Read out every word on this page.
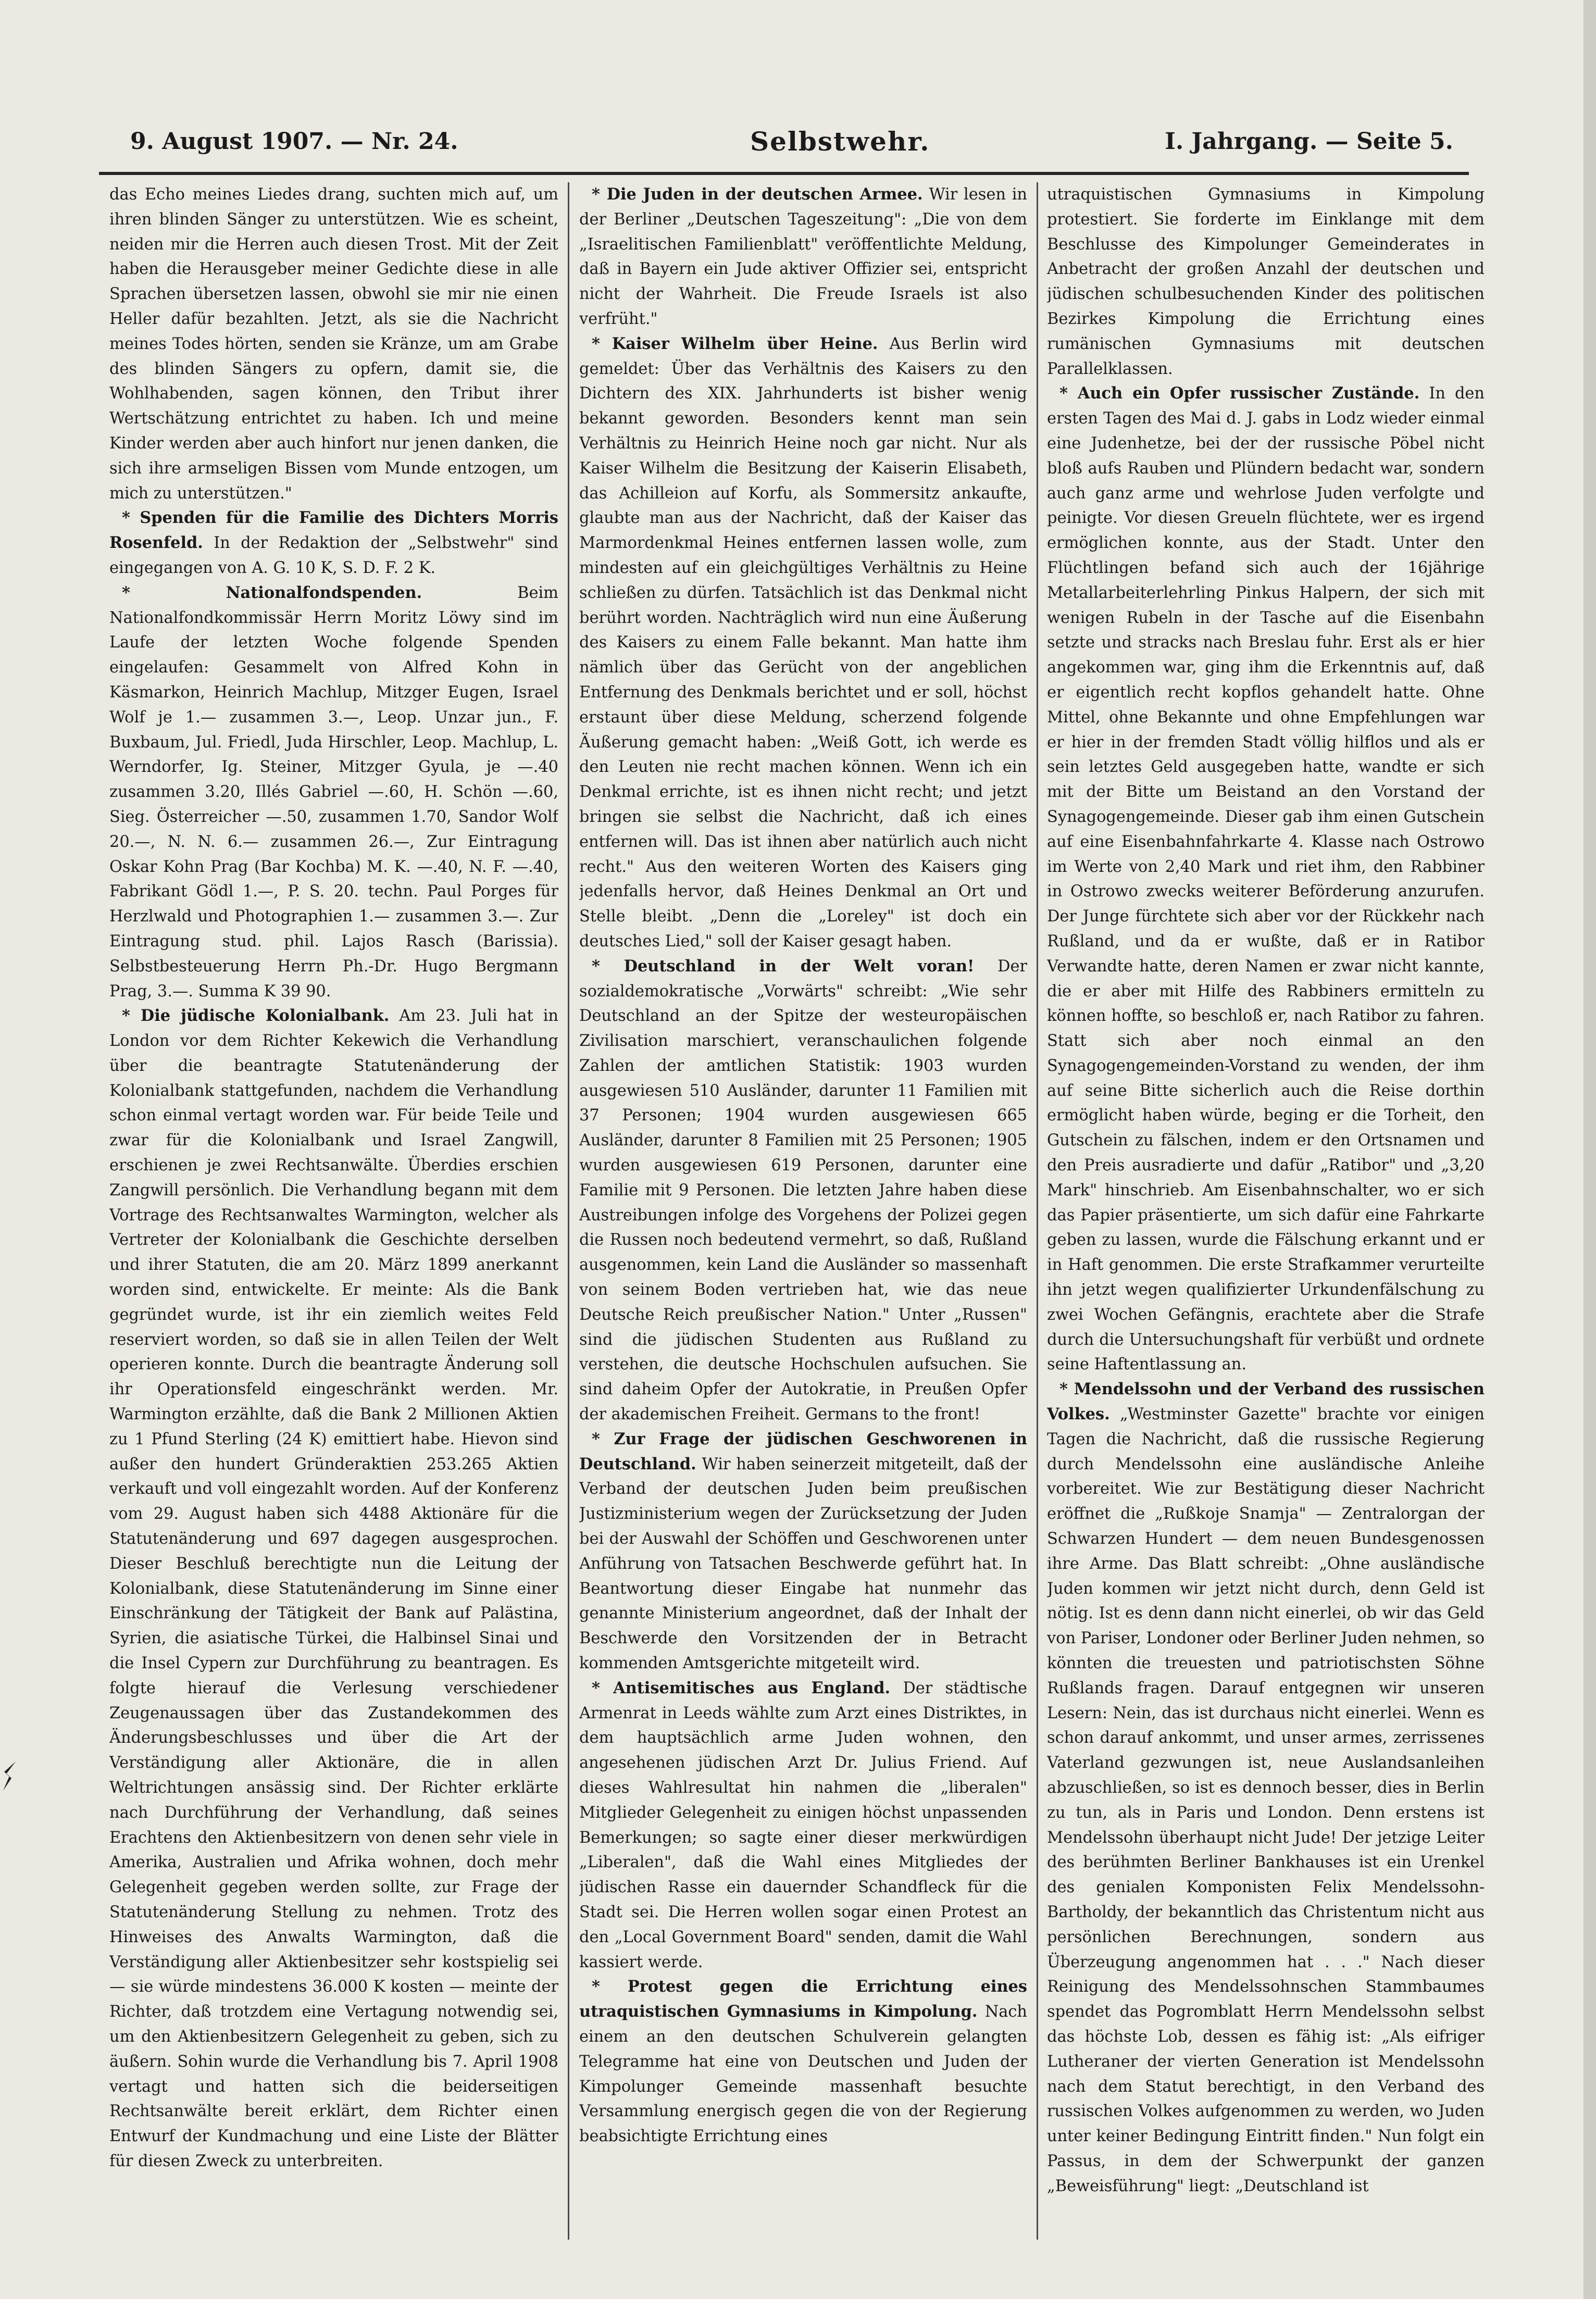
9. August 1907. — Nr. 24.	Selbstwehr.	I. Jahrgang. — Seite 5.

das Echo meines Liedes drang, suchten mich auf, um ihren blinden Sänger zu unterstützen. Wie es scheint, neiden mir die Herren auch diesen Trost. Mit der Zeit haben die Herausgeber meiner Gedichte diese in alle Sprachen übersetzen lassen, obwohl sie mir nie einen Heller dafür bezahlten. Jetzt, als sie die Nachricht meines Todes hörten, senden sie Kränze, um am Grabe des blinden Sängers zu opfern, damit sie, die Wohlhabenden, sagen können, den Tribut ihrer Wertschätzung entrichtet zu haben. Ich und meine Kinder werden aber auch hinfort nur jenen danken, die sich ihre armseligen Bissen vom Munde entzogen, um mich zu unterstützen."

* Spenden für die Familie des Dichters Morris Rosenfeld. In der Redaktion der „Selbstwehr" sind eingegangen von A. G. 10 K, S. D. F. 2 K.

* Nationalfondspenden. Beim Nationalfondkommissär Herrn Moritz Löwy sind im Laufe der letzten Woche folgende Spenden eingelaufen: Gesammelt von Alfred Kohn in Käsmarkon, Heinrich Machlup, Mitzger Eugen, Israel Wolf je 1.— zusammen 3.—, Leop. Unzar jun., F. Buxbaum, Jul. Friedl, Juda Hirschler, Leop. Machlup, L. Werndorfer, Ig. Steiner, Mitzger Gyula, je —.40 zusammen 3.20, Illés Gabriel —.60, H. Schön —.60, Sieg. Österreicher —.50, zusammen 1.70, Sandor Wolf 20.—, N. N. 6.— zusammen 26.—, Zur Eintragung Oskar Kohn Prag (Bar Kochba) M. K. —.40, N. F. —.40, Fabrikant Gödl 1.—, P. S. 20. techn. Paul Porges für Herzlwald und Photographien 1.— zusammen 3.—. Zur Eintragung stud. phil. Lajos Rasch (Barissia). Selbstbesteuerung Herrn Ph.-Dr. Hugo Bergmann Prag, 3.—. Summa K 39 90.

* Die jüdische Kolonialbank. Am 23. Juli hat in London vor dem Richter Kekewich die Verhandlung über die beantragte Statutenänderung der Kolonialbank stattgefunden, nachdem die Verhandlung schon einmal vertagt worden war. Für beide Teile und zwar für die Kolonialbank und Israel Zangwill, erschienen je zwei Rechtsanwälte. Überdies erschien Zangwill persönlich. Die Verhandlung begann mit dem Vortrage des Rechtsanwaltes Warmington, welcher als Vertreter der Kolonialbank die Geschichte derselben und ihrer Statuten, die am 20. März 1899 anerkannt worden sind, entwickelte. Er meinte: Als die Bank gegründet wurde, ist ihr ein ziemlich weites Feld reserviert worden, so daß sie in allen Teilen der Welt operieren konnte. Durch die beantragte Änderung soll ihr Operationsfeld eingeschränkt werden. Mr. Warmington erzählte, daß die Bank 2 Millionen Aktien zu 1 Pfund Sterling (24 K) emittiert habe. Hievon sind außer den hundert Gründeraktien 253.265 Aktien verkauft und voll eingezahlt worden. Auf der Konferenz vom 29. August haben sich 4488 Aktionäre für die Statutenänderung und 697 dagegen ausgesprochen. Dieser Beschluß berechtigte nun die Leitung der Kolonialbank, diese Statutenänderung im Sinne einer Einschränkung der Tätigkeit der Bank auf Palästina, Syrien, die asiatische Türkei, die Halbinsel Sinai und die Insel Cypern zur Durchführung zu beantragen. Es folgte hierauf die Verlesung verschiedener Zeugenaussagen über das Zustandekommen des Änderungsbeschlusses und über die Art der Verständigung aller Aktionäre, die in allen Weltrichtungen ansässig sind. Der Richter erklärte nach Durchführung der Verhandlung, daß seines Erachtens den Aktienbesitzern von denen sehr viele in Amerika, Australien und Afrika wohnen, doch mehr Gelegenheit gegeben werden sollte, zur Frage der Statutenänderung Stellung zu nehmen. Trotz des Hinweises des Anwalts Warmington, daß die Verständigung aller Aktienbesitzer sehr kostspielig sei — sie würde mindestens 36.000 K kosten — meinte der Richter, daß trotzdem eine Vertagung notwendig sei, um den Aktienbesitzern Gelegenheit zu geben, sich zu äußern. Sohin wurde die Verhandlung bis 7. April 1908 vertagt und hatten sich die beiderseitigen Rechtsanwälte bereit erklärt, dem Richter einen Entwurf der Kundmachung und eine Liste der Blätter für diesen Zweck zu unterbreiten.

* Die Juden in der deutschen Armee. Wir lesen in der Berliner „Deutschen Tageszeitung": „Die von dem „Israelitischen Familienblatt" veröffentlichte Meldung, daß in Bayern ein Jude aktiver Offizier sei, entspricht nicht der Wahrheit. Die Freude Israels ist also verfrüht."

* Kaiser Wilhelm über Heine. Aus Berlin wird gemeldet: Über das Verhältnis des Kaisers zu den Dichtern des XIX. Jahrhunderts ist bisher wenig bekannt geworden. Besonders kennt man sein Verhältnis zu Heinrich Heine noch gar nicht. Nur als Kaiser Wilhelm die Besitzung der Kaiserin Elisabeth, das Achilleion auf Korfu, als Sommersitz ankaufte, glaubte man aus der Nachricht, daß der Kaiser das Marmordenkmal Heines entfernen lassen wolle, zum mindesten auf ein gleichgültiges Verhältnis zu Heine schließen zu dürfen. Tatsächlich ist das Denkmal nicht berührt worden. Nachträglich wird nun eine Äußerung des Kaisers zu einem Falle bekannt. Man hatte ihm nämlich über das Gerücht von der angeblichen Entfernung des Denkmals berichtet und er soll, höchst erstaunt über diese Meldung, scherzend folgende Äußerung gemacht haben: „Weiß Gott, ich werde es den Leuten nie recht machen können. Wenn ich ein Denkmal errichte, ist es ihnen nicht recht; und jetzt bringen sie selbst die Nachricht, daß ich eines entfernen will. Das ist ihnen aber natürlich auch nicht recht." Aus den weiteren Worten des Kaisers ging jedenfalls hervor, daß Heines Denkmal an Ort und Stelle bleibt. „Denn die „Loreley" ist doch ein deutsches Lied," soll der Kaiser gesagt haben.

* Deutschland in der Welt voran! Der sozialdemokratische „Vorwärts" schreibt: „Wie sehr Deutschland an der Spitze der westeuropäischen Zivilisation marschiert, veranschaulichen folgende Zahlen der amtlichen Statistik: 1903 wurden ausgewiesen 510 Ausländer, darunter 11 Familien mit 37 Personen; 1904 wurden ausgewiesen 665 Ausländer, darunter 8 Familien mit 25 Personen; 1905 wurden ausgewiesen 619 Personen, darunter eine Familie mit 9 Personen. Die letzten Jahre haben diese Austreibungen infolge des Vorgehens der Polizei gegen die Russen noch bedeutend vermehrt, so daß, Rußland ausgenommen, kein Land die Ausländer so massenhaft von seinem Boden vertrieben hat, wie das neue Deutsche Reich preußischer Nation." Unter „Russen" sind die jüdischen Studenten aus Rußland zu verstehen, die deutsche Hochschulen aufsuchen. Sie sind daheim Opfer der Autokratie, in Preußen Opfer der akademischen Freiheit. Germans to the front!

* Zur Frage der jüdischen Geschworenen in Deutschland. Wir haben seinerzeit mitgeteilt, daß der Verband der deutschen Juden beim preußischen Justizministerium wegen der Zurücksetzung der Juden bei der Auswahl der Schöffen und Geschworenen unter Anführung von Tatsachen Beschwerde geführt hat. In Beantwortung dieser Eingabe hat nunmehr das genannte Ministerium angeordnet, daß der Inhalt der Beschwerde den Vorsitzenden der in Betracht kommenden Amtsgerichte mitgeteilt wird.

* Antisemitisches aus England. Der städtische Armenrat in Leeds wählte zum Arzt eines Distriktes, in dem hauptsächlich arme Juden wohnen, den angesehenen jüdischen Arzt Dr. Julius Friend. Auf dieses Wahlresultat hin nahmen die „liberalen" Mitglieder Gelegenheit zu einigen höchst unpassenden Bemerkungen; so sagte einer dieser merkwürdigen „Liberalen", daß die Wahl eines Mitgliedes der jüdischen Rasse ein dauernder Schandfleck für die Stadt sei. Die Herren wollen sogar einen Protest an den „Local Government Board" senden, damit die Wahl kassiert werde.

* Protest gegen die Errichtung eines utraquistischen Gymnasiums in Kimpolung. Nach einem an den deutschen Schulverein gelangten Telegramme hat eine von Deutschen und Juden der Kimpolunger Gemeinde massenhaft besuchte Versammlung energisch gegen die von der Regierung beabsichtigte Errichtung eines

utraquistischen Gymnasiums in Kimpolung protestiert. Sie forderte im Einklange mit dem Beschlusse des Kimpolunger Gemeinderates in Anbetracht der großen Anzahl der deutschen und jüdischen schulbesuchenden Kinder des politischen Bezirkes Kimpolung die Errichtung eines rumänischen Gymnasiums mit deutschen Parallelklassen.

* Auch ein Opfer russischer Zustände. In den ersten Tagen des Mai d. J. gabs in Lodz wieder einmal eine Judenhetze, bei der der russische Pöbel nicht bloß aufs Rauben und Plündern bedacht war, sondern auch ganz arme und wehrlose Juden verfolgte und peinigte. Vor diesen Greueln flüchtete, wer es irgend ermöglichen konnte, aus der Stadt. Unter den Flüchtlingen befand sich auch der 16jährige Metallarbeiterlehrling Pinkus Halpern, der sich mit wenigen Rubeln in der Tasche auf die Eisenbahn setzte und stracks nach Breslau fuhr. Erst als er hier angekommen war, ging ihm die Erkenntnis auf, daß er eigentlich recht kopflos gehandelt hatte. Ohne Mittel, ohne Bekannte und ohne Empfehlungen war er hier in der fremden Stadt völlig hilflos und als er sein letztes Geld ausgegeben hatte, wandte er sich mit der Bitte um Beistand an den Vorstand der Synagogengemeinde. Dieser gab ihm einen Gutschein auf eine Eisenbahnfahrkarte 4. Klasse nach Ostrowo im Werte von 2,40 Mark und riet ihm, den Rabbiner in Ostrowo zwecks weiterer Beförderung anzurufen. Der Junge fürchtete sich aber vor der Rückkehr nach Rußland, und da er wußte, daß er in Ratibor Verwandte hatte, deren Namen er zwar nicht kannte, die er aber mit Hilfe des Rabbiners ermitteln zu können hoffte, so beschloß er, nach Ratibor zu fahren. Statt sich aber noch einmal an den Synagogengemeinden-Vorstand zu wenden, der ihm auf seine Bitte sicherlich auch die Reise dorthin ermöglicht haben würde, beging er die Torheit, den Gutschein zu fälschen, indem er den Ortsnamen und den Preis ausradierte und dafür „Ratibor" und „3,20 Mark" hinschrieb. Am Eisenbahnschalter, wo er sich das Papier präsentierte, um sich dafür eine Fahrkarte geben zu lassen, wurde die Fälschung erkannt und er in Haft genommen. Die erste Strafkammer verurteilte ihn jetzt wegen qualifizierter Urkundenfälschung zu zwei Wochen Gefängnis, erachtete aber die Strafe durch die Untersuchungshaft für verbüßt und ordnete seine Haftentlassung an.

* Mendelssohn und der Verband des russischen Volkes. „Westminster Gazette" brachte vor einigen Tagen die Nachricht, daß die russische Regierung durch Mendelssohn eine ausländische Anleihe vorbereitet. Wie zur Bestätigung dieser Nachricht eröffnet die „Rußkoje Snamja" — Zentralorgan der Schwarzen Hundert — dem neuen Bundesgenossen ihre Arme. Das Blatt schreibt: „Ohne ausländische Juden kommen wir jetzt nicht durch, denn Geld ist nötig. Ist es denn dann nicht einerlei, ob wir das Geld von Pariser, Londoner oder Berliner Juden nehmen, so könnten die treuesten und patriotischsten Söhne Rußlands fragen. Darauf entgegnen wir unseren Lesern: Nein, das ist durchaus nicht einerlei. Wenn es schon darauf ankommt, und unser armes, zerrissenes Vaterland gezwungen ist, neue Auslandsanleihen abzuschließen, so ist es dennoch besser, dies in Berlin zu tun, als in Paris und London. Denn erstens ist Mendelssohn überhaupt nicht Jude! Der jetzige Leiter des berühmten Berliner Bankhauses ist ein Urenkel des genialen Komponisten Felix Mendelssohn-Bartholdy, der bekanntlich das Christentum nicht aus persönlichen Berechnungen, sondern aus Überzeugung angenommen hat . . ." Nach dieser Reinigung des Mendelssohnschen Stammbaumes spendet das Pogromblatt Herrn Mendelssohn selbst das höchste Lob, dessen es fähig ist: „Als eifriger Lutheraner der vierten Generation ist Mendelssohn nach dem Statut berechtigt, in den Verband des russischen Volkes aufgenommen zu werden, wo Juden unter keiner Bedingung Eintritt finden." Nun folgt ein Passus, in dem der Schwerpunkt der ganzen „Beweisführung" liegt: „Deutschland ist
